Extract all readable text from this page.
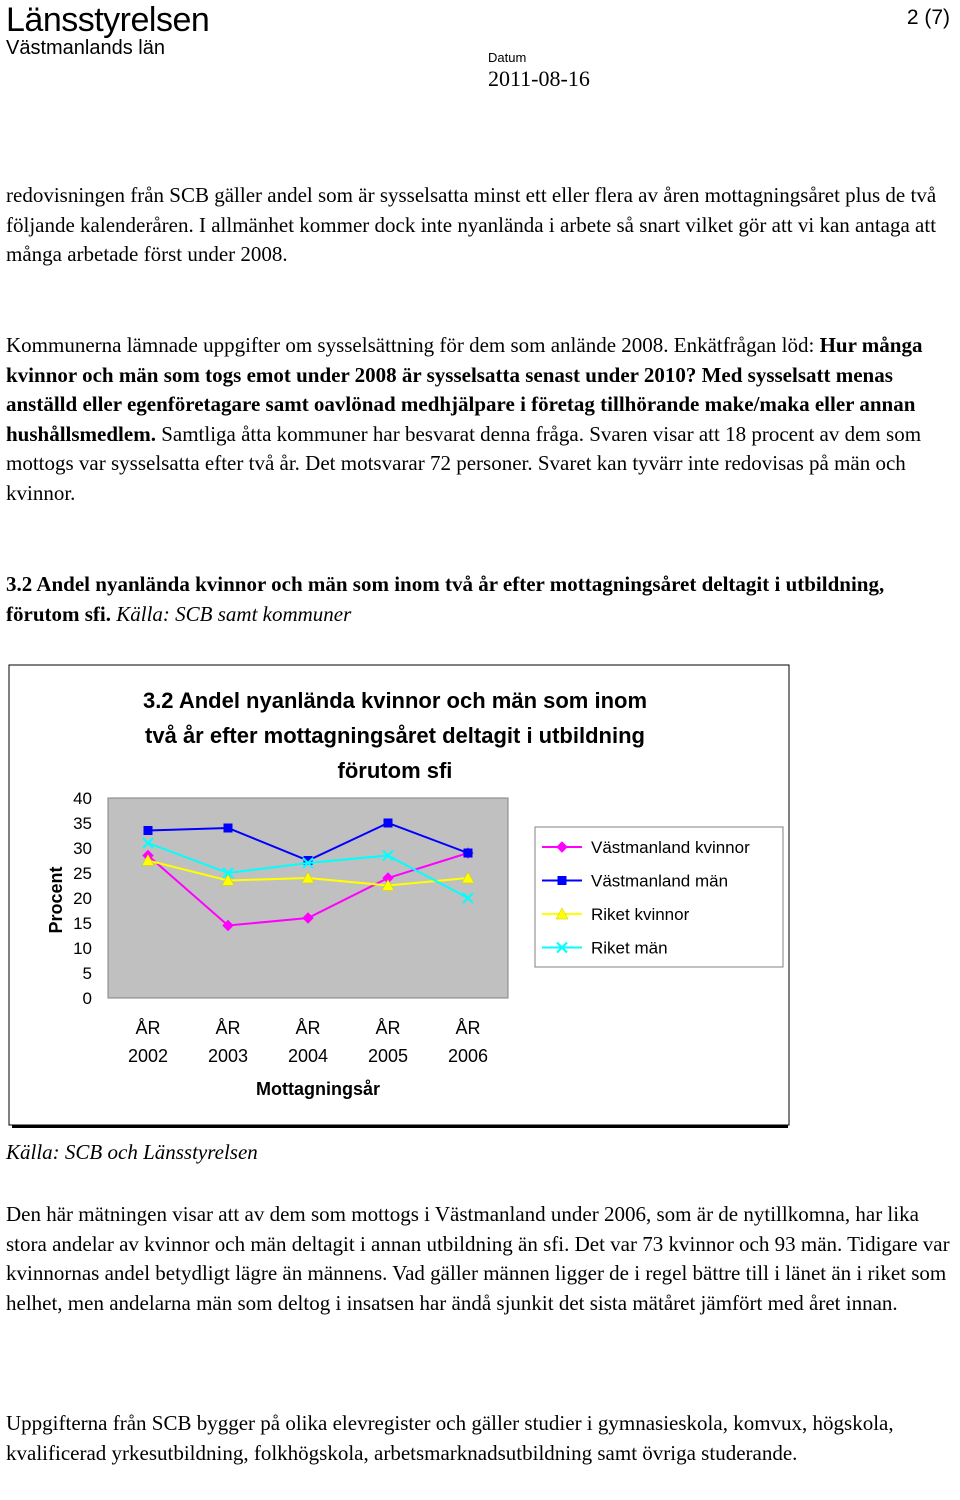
Länsstyrelsen
Västmanlands län
2 (7)
Datum
2011-08-16

redovisningen från SCB gäller andel som är sysselsatta minst ett eller flera av åren mottagningsåret plus de två följande kalenderåren. I allmänhet kommer dock inte nyanlända i arbete så snart vilket gör att vi kan antaga att många arbetade först under 2008.

Kommunerna lämnade uppgifter om sysselsättning för dem som anlände 2008. Enkätfrågan löd: Hur många kvinnor och män som togs emot under 2008 är sysselsatta senast under 2010? Med sysselsatt menas anställd eller egenföretagare samt oavlönad medhjälpare i företag tillhörande make/maka eller annan hushållsmedlem. Samtliga åtta kommuner har besvarat denna fråga. Svaren visar att 18 procent av dem som mottogs var sysselsatta efter två år. Det motsvarar 72 personer. Svaret kan tyvärr inte redovisas på män och kvinnor.

3.2 Andel nyanlända kvinnor och män som inom två år efter mottagningsåret deltagit i utbildning, förutom sfi. Källa: SCB samt kommuner

3.2 Andel nyanlända kvinnor och män som inom
två år efter mottagningsåret deltagit i utbildning
förutom sfi
Procent
Mottagningsår
0
5
10
15
20
25
30
35
40
ÅR
2002
ÅR
2003
ÅR
2004
ÅR
2005
ÅR
2006
Västmanland kvinnor
Västmanland män
Riket kvinnor
Riket män
Källa: SCB och Länsstyrelsen

Den här mätningen visar att av dem som mottogs i Västmanland under 2006, som är de nytillkomna, har lika stora andelar av kvinnor och män deltagit i annan utbildning än sfi. Det var 73 kvinnor och 93 män. Tidigare var kvinnornas andel betydligt lägre än männens. Vad gäller männen ligger de i regel bättre till i länet än i riket som helhet, men andelarna män som deltog i insatsen har ändå sjunkit det sista mätåret jämfört med året innan.

Uppgifterna från SCB bygger på olika elevregister och gäller studier i gymnasieskola, komvux, högskola, kvalificerad yrkesutbildning, folkhögskola, arbetsmarknadsutbildning samt övriga studerande.
